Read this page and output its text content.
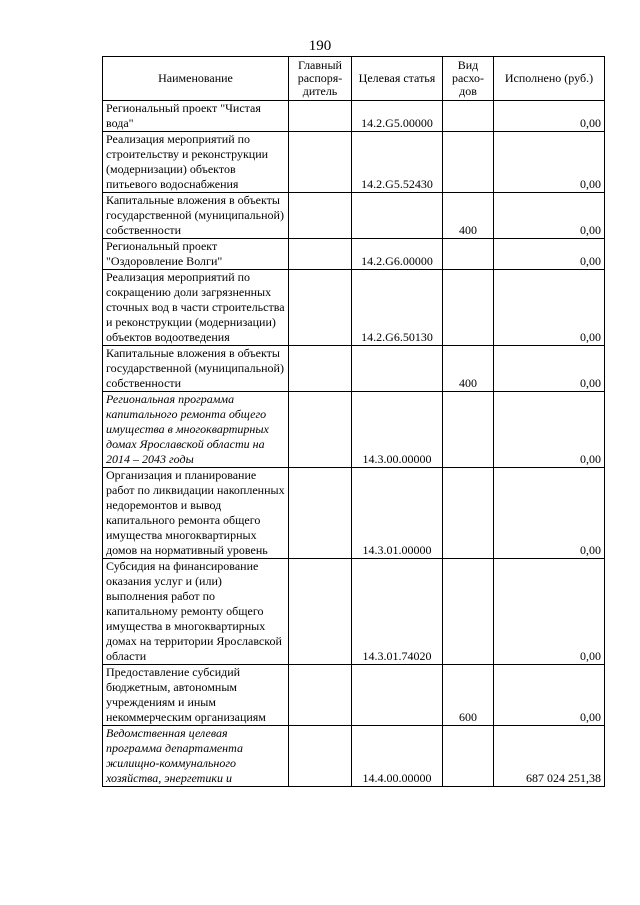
190
Наименование	Главный распоря-дитель	Целевая статья	Вид расхо-дов	Исполнено (руб.)
Региональный проект "Чистая вода"		14.2.G5.00000		0,00
Реализация мероприятий по строительству и реконструкции (модернизации) объектов питьевого водоснабжения		14.2.G5.52430		0,00
Капитальные вложения в объекты государственной (муниципальной) собственности			400	0,00
Региональный проект "Оздоровление Волги"		14.2.G6.00000		0,00
Реализация мероприятий по сокращению доли загрязненных сточных вод в части строительства и реконструкции (модернизации) объектов водоотведения		14.2.G6.50130		0,00
Капитальные вложения в объекты государственной (муниципальной) собственности			400	0,00
Региональная программа капитального ремонта общего имущества в многоквартирных домах Ярославской области на 2014 – 2043 годы		14.3.00.00000		0,00
Организация и планирование работ по ликвидации накопленных недоремонтов и вывод капитального ремонта общего имущества многоквартирных домов на нормативный уровень		14.3.01.00000		0,00
Субсидия на финансирование оказания услуг и (или) выполнения работ по капитальному ремонту общего имущества в многоквартирных домах на территории Ярославской области		14.3.01.74020		0,00
Предоставление субсидий бюджетным, автономным учреждениям и иным некоммерческим организациям			600	0,00
Ведомственная целевая программа департамента жилищно-коммунального хозяйства, энергетики и		14.4.00.00000		687 024 251,38
